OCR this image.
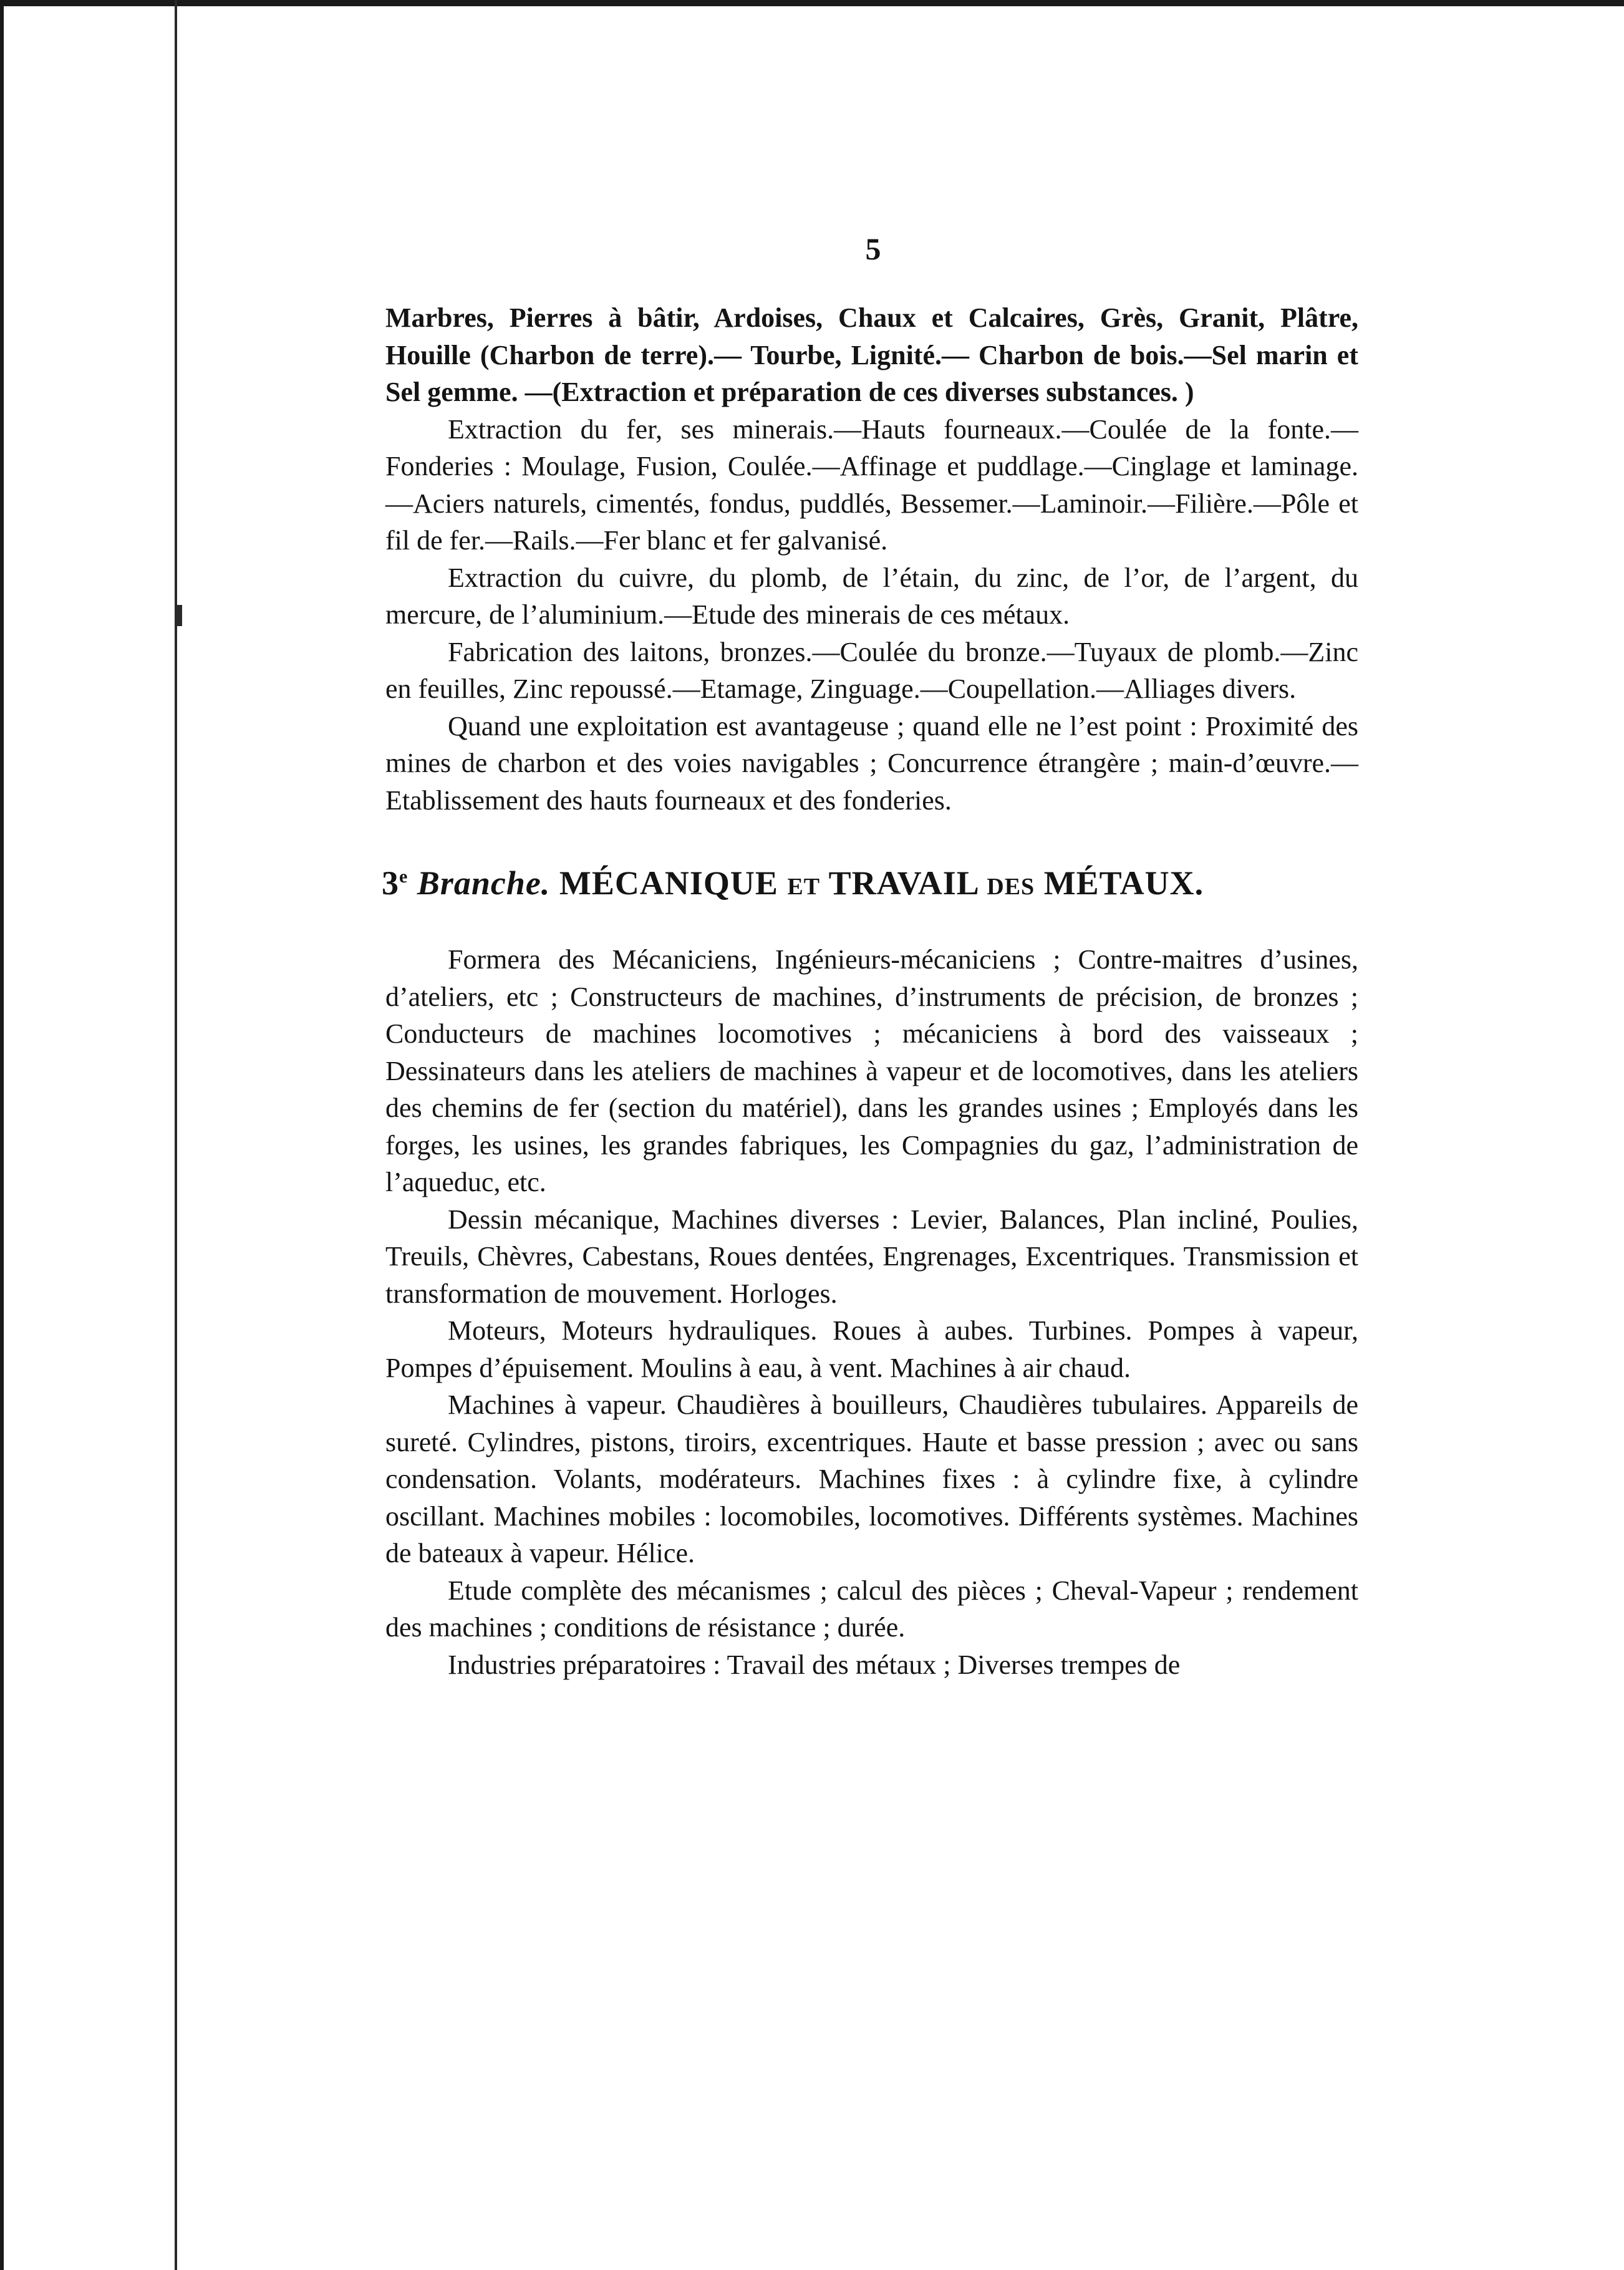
5

Marbres, Pierres à bâtir, Ardoises, Chaux et Calcaires, Grès, Granit, Plâtre, Houille (Charbon de terre).— Tourbe, Lignité.— Charbon de bois.—Sel marin et Sel gemme. —(Extraction et préparation de ces diverses substances. )

Extraction du fer, ses minerais.—Hauts fourneaux.—Coulée de la fonte.—Fonderies : Moulage, Fusion, Coulée.—Affinage et puddlage.—Cinglage et laminage.—Aciers naturels, cimentés, fondus, puddlés, Bessemer.—Laminoir.—Filière.—Pôle et fil de fer.—Rails.—Fer blanc et fer galvanisé.

Extraction du cuivre, du plomb, de l’étain, du zinc, de l’or, de l’argent, du mercure, de l’aluminium.—Etude des minerais de ces métaux.

Fabrication des laitons, bronzes.—Coulée du bronze.—Tuyaux de plomb.—Zinc en feuilles, Zinc repoussé.—Etamage, Zinguage.—Coupellation.—Alliages divers.

Quand une exploitation est avantageuse ; quand elle ne l’est point : Proximité des mines de charbon et des voies navigables ; Concurrence étrangère ; main-d’œuvre.—Etablissement des hauts fourneaux et des fonderies.

3e Branche. MÉCANIQUE ET TRAVAIL DES MÉTAUX.

Formera des Mécaniciens, Ingénieurs-mécaniciens ; Contre-maitres d’usines, d’ateliers, etc ; Constructeurs de machines, d’instruments de précision, de bronzes ; Conducteurs de machines locomotives ; mécaniciens à bord des vaisseaux ; Dessinateurs dans les ateliers de machines à vapeur et de locomotives, dans les ateliers des chemins de fer (section du matériel), dans les grandes usines ; Employés dans les forges, les usines, les grandes fabriques, les Compagnies du gaz, l’administration de l’aqueduc, etc.

Dessin mécanique, Machines diverses : Levier, Balances, Plan incliné, Poulies, Treuils, Chèvres, Cabestans, Roues dentées, Engrenages, Excentriques. Transmission et transformation de mouvement. Horloges.

Moteurs, Moteurs hydrauliques. Roues à aubes. Turbines. Pompes à vapeur, Pompes d’épuisement. Moulins à eau, à vent. Machines à air chaud.

Machines à vapeur. Chaudières à bouilleurs, Chaudières tubulaires. Appareils de sureté. Cylindres, pistons, tiroirs, excentriques. Haute et basse pression ; avec ou sans condensation. Volants, modérateurs. Machines fixes : à cylindre fixe, à cylindre oscillant. Machines mobiles : locomobiles, locomotives. Différents systèmes. Machines de bateaux à vapeur. Hélice.

Etude complète des mécanismes ; calcul des pièces ; Cheval-Vapeur ; rendement des machines ; conditions de résistance ; durée.

Industries préparatoires : Travail des métaux ; Diverses trempes de
